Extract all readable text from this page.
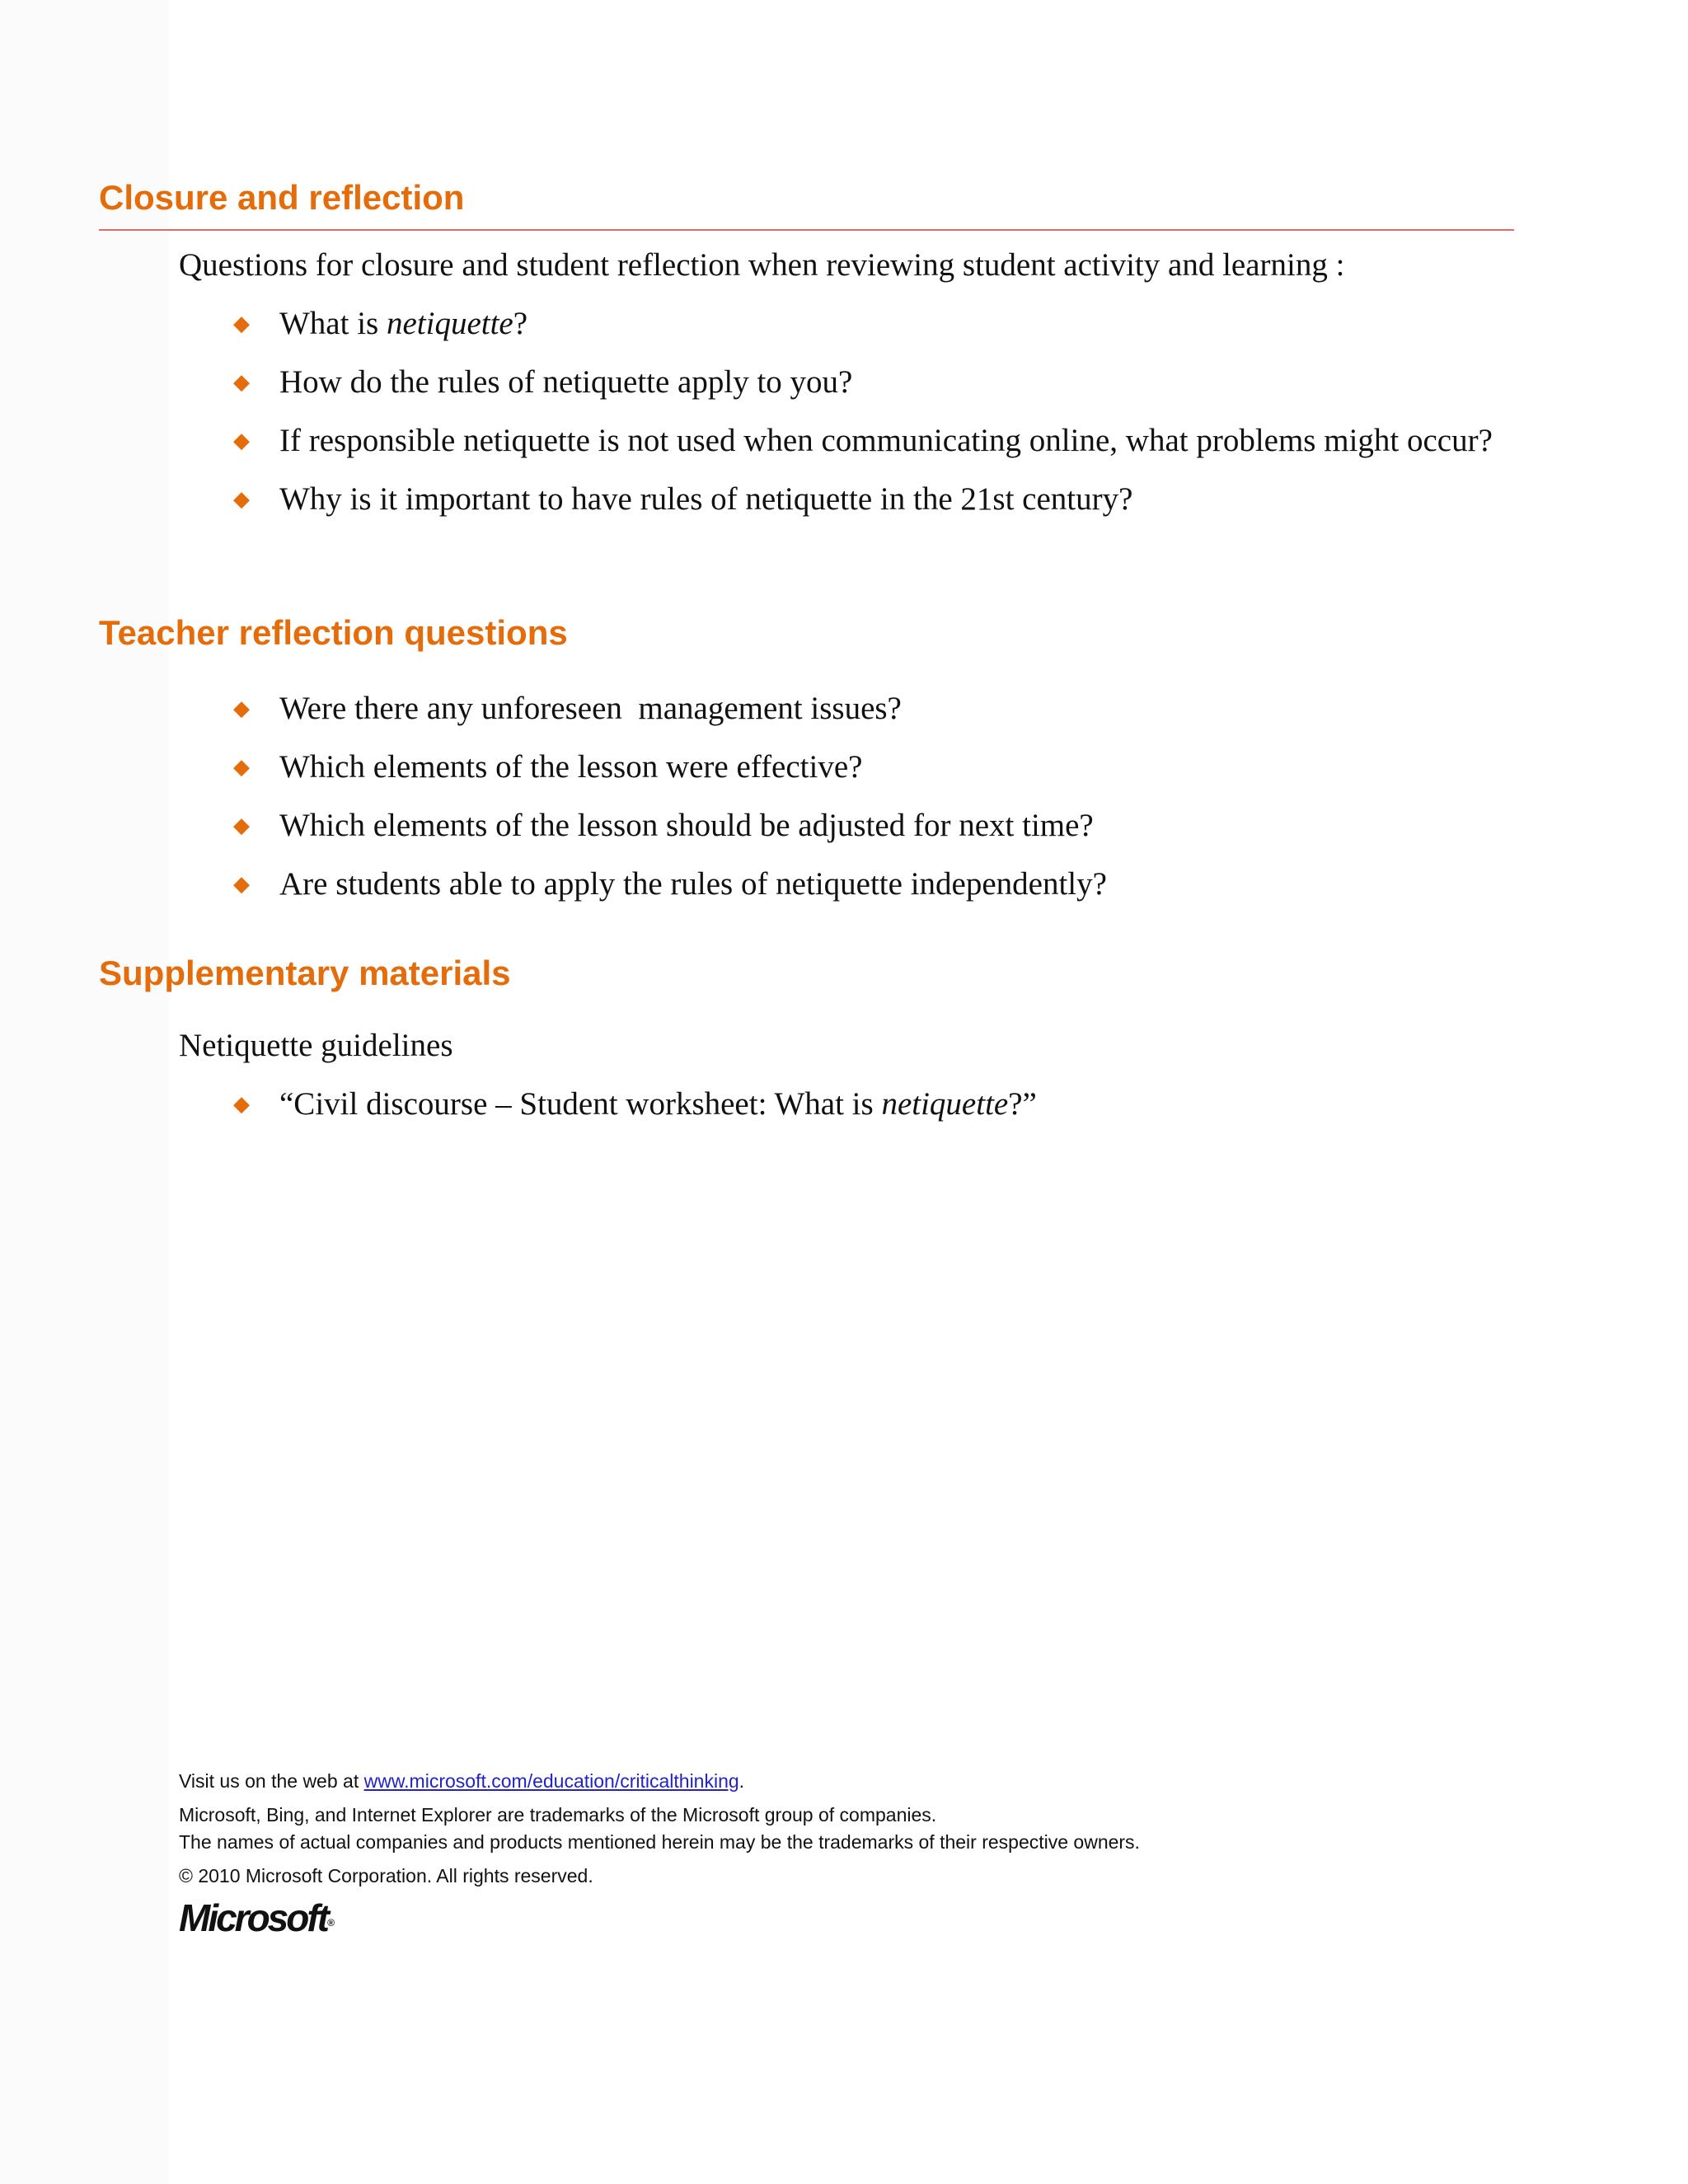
Closure and reflection

Questions for closure and student reflection when reviewing student activity and learning :

◆ What is netiquette?
◆ How do the rules of netiquette apply to you?
◆ If responsible netiquette is not used when communicating online, what problems might occur?
◆ Why is it important to have rules of netiquette in the 21st century?
Teacher reflection questions
◆ Were there any unforeseen  management issues?
◆ Which elements of the lesson were effective?
◆ Which elements of the lesson should be adjusted for next time?
◆ Are students able to apply the rules of netiquette independently?
Supplementary materials

Netiquette guidelines

◆ “Civil discourse – Student worksheet: What is netiquette?”

Visit us on the web at www.microsoft.com/education/criticalthinking.

Microsoft, Bing, and Internet Explorer are trademarks of the Microsoft group of companies.

The names of actual companies and products mentioned herein may be the trademarks of their respective owners.

© 2010 Microsoft Corporation. All rights reserved.

Microsoft®
